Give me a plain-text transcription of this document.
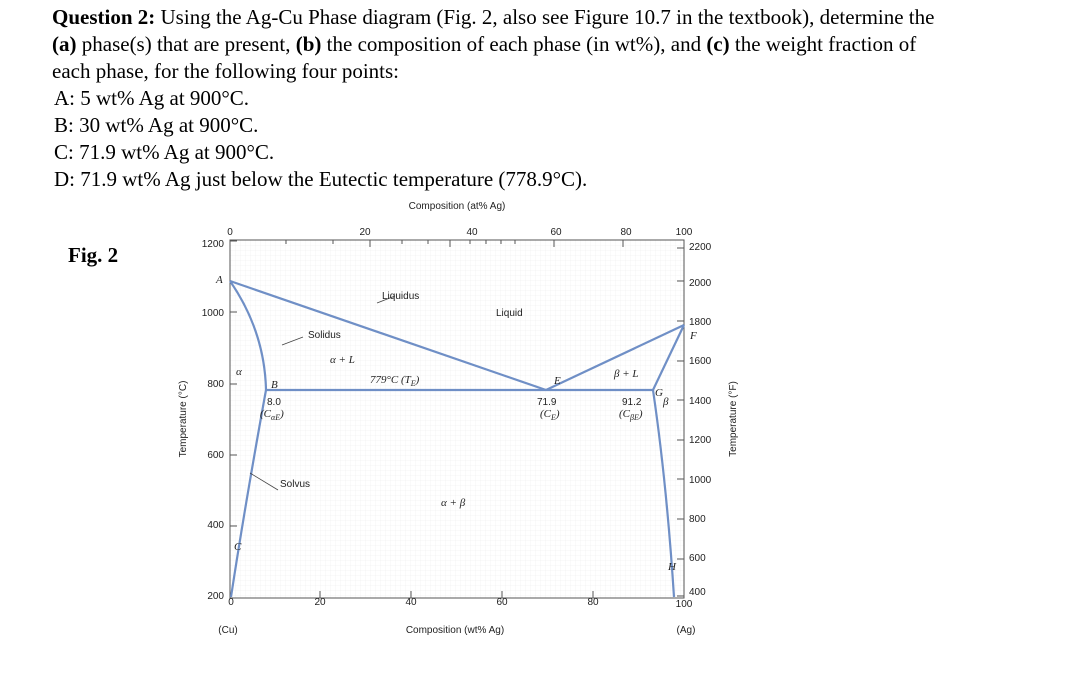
Question 2: Using the Ag-Cu Phase diagram (Fig. 2, also see Figure 10.7 in the textbook), determine the
(a) phase(s) that are present, (b) the composition of each phase (in wt%), and (c) the weight fraction of
each phase, for the following four points:
A: 5 wt% Ag at 900°C.
B: 30 wt% Ag at 900°C.
C: 71.9 wt% Ag at 900°C.
D: 71.9 wt% Ag just below the Eutectic temperature (778.9°C).
Fig. 2
Composition (at% Ag)
0	20	40	60	80	100
1200
1000
800
600
400
200
Temperature (°C)
2200
2000
1800
1600
1400
1200
1000
800
600
400
Temperature (°F)
0	20	40	60	80	100
(Cu)	(Ag)
Composition (wt% Ag)
Liquidus
Liquid
Solidus
Solvus
α + L
β + L
α + β
α
β
779°C $(T_E)$
A
B
C
E
F
G
H
8.0
$(C_{\alpha E})$
71.9
$(C_E)$
91.2
$(C_{\beta E})$
